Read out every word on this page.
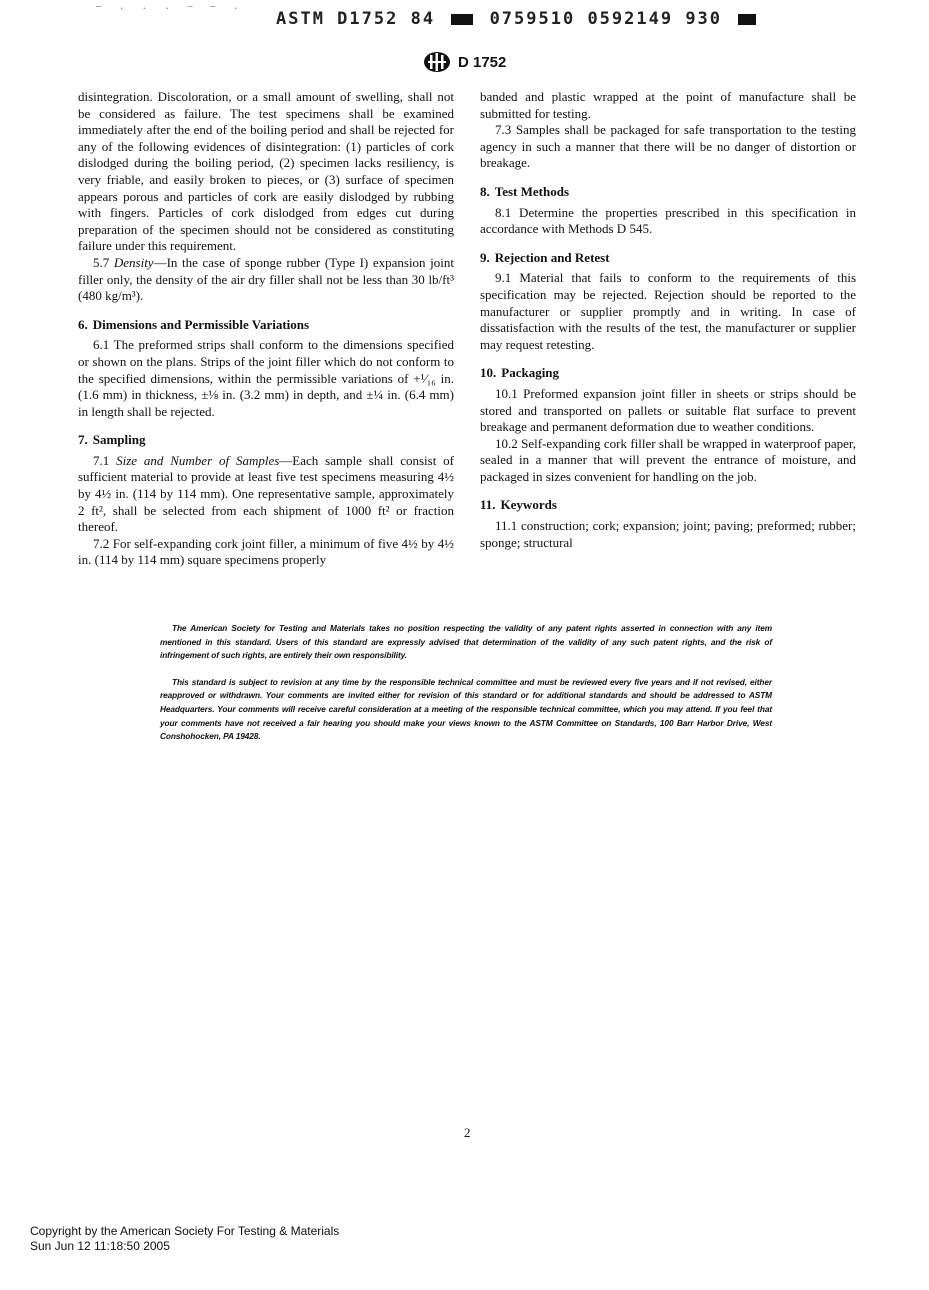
— . . . — — .
ASTM D1752 84	0759510 0592149 930
D 1752

disintegration. Discoloration, or a small amount of swelling, shall not be considered as failure. The test specimens shall be examined immediately after the end of the boiling period and shall be rejected for any of the following evidences of disintegration: (1) particles of cork dislodged during the boiling period, (2) specimen lacks resiliency, is very friable, and easily broken to pieces, or (3) surface of specimen appears porous and particles of cork are easily dislodged by rubbing with fingers. Particles of cork dislodged from edges cut during preparation of the specimen should not be considered as constituting failure under this requirement.

5.7 Density—In the case of sponge rubber (Type I) expansion joint filler only, the density of the air dry filler shall not be less than 30 lb/ft³ (480 kg/m³).

6. Dimensions and Permissible Variations

6.1 The preformed strips shall conform to the dimensions specified or shown on the plans. Strips of the joint filler which do not conform to the specified dimensions, within the permissible variations of +¹⁄₁₆ in. (1.6 mm) in thickness, ±⅛ in. (3.2 mm) in depth, and ±¼ in. (6.4 mm) in length shall be rejected.

7. Sampling

7.1 Size and Number of Samples—Each sample shall consist of sufficient material to provide at least five test specimens measuring 4½ by 4½ in. (114 by 114 mm). One representative sample, approximately 2 ft², shall be selected from each shipment of 1000 ft² or fraction thereof.

7.2 For self-expanding cork joint filler, a minimum of five 4½ by 4½ in. (114 by 114 mm) square specimens properly

banded and plastic wrapped at the point of manufacture shall be submitted for testing.

7.3 Samples shall be packaged for safe transportation to the testing agency in such a manner that there will be no danger of distortion or breakage.

8. Test Methods

8.1 Determine the properties prescribed in this specification in accordance with Methods D 545.

9. Rejection and Retest

9.1 Material that fails to conform to the requirements of this specification may be rejected. Rejection should be reported to the manufacturer or supplier promptly and in writing. In case of dissatisfaction with the results of the test, the manufacturer or supplier may request retesting.

10. Packaging

10.1 Preformed expansion joint filler in sheets or strips should be stored and transported on pallets or suitable flat surface to prevent breakage and permanent deformation due to weather conditions.

10.2 Self-expanding cork filler shall be wrapped in waterproof paper, sealed in a manner that will prevent the entrance of moisture, and packaged in sizes convenient for handling on the job.

11. Keywords

11.1 construction; cork; expansion; joint; paving; preformed; rubber; sponge; structural

The American Society for Testing and Materials takes no position respecting the validity of any patent rights asserted in connection with any item mentioned in this standard. Users of this standard are expressly advised that determination of the validity of any such patent rights, and the risk of infringement of such rights, are entirely their own responsibility.

This standard is subject to revision at any time by the responsible technical committee and must be reviewed every five years and if not revised, either reapproved or withdrawn. Your comments are invited either for revision of this standard or for additional standards and should be addressed to ASTM Headquarters. Your comments will receive careful consideration at a meeting of the responsible technical committee, which you may attend. If you feel that your comments have not received a fair hearing you should make your views known to the ASTM Committee on Standards, 100 Barr Harbor Drive, West Conshohocken, PA 19428.

2
Copyright by the American Society For Testing & Materials
Sun Jun 12 11:18:50 2005
